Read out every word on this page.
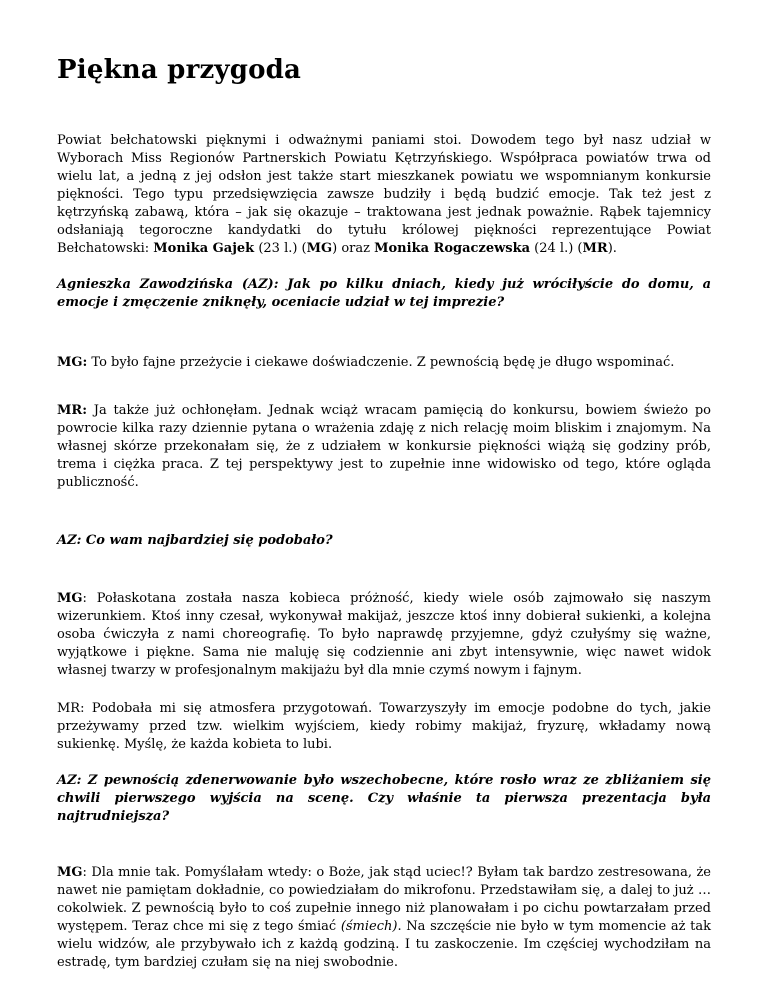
Piękna przygoda

Powiat bełchatowski pięknymi i odważnymi paniami stoi. Dowodem tego był nasz udział w Wyborach Miss Regionów Partnerskich Powiatu Kętrzyńskiego. Współpraca powiatów trwa od wielu lat, a jedną z jej odsłon jest także start mieszkanek powiatu we wspomnianym konkursie piękności. Tego typu przedsięwzięcia zawsze budziły i będą budzić emocje. Tak też jest z kętrzyńską zabawą, która – jak się okazuje – traktowana jest jednak poważnie. Rąbek tajemnicy odsłaniają tegoroczne kandydatki do tytułu królowej piękności reprezentujące Powiat Bełchatowski: Monika Gajek (23 l.) (MG) oraz Monika Rogaczewska (24 l.) (MR).

Agnieszka Zawodzińska (AZ): Jak po kilku dniach, kiedy już wróciłyście do domu, a emocje i zmęczenie zniknęły, oceniacie udział w tej imprezie?

MG: To było fajne przeżycie i ciekawe doświadczenie. Z pewnością będę je długo wspominać.

MR: Ja także już ochłonęłam. Jednak wciąż wracam pamięcią do konkursu, bowiem świeżo po powrocie kilka razy dziennie pytana o wrażenia zdaję z nich relację moim bliskim i znajomym. Na własnej skórze przekonałam się, że z udziałem w konkursie piękności wiążą się godziny prób, trema i ciężka praca. Z tej perspektywy jest to zupełnie inne widowisko od tego, które ogląda publiczność.

AZ: Co wam najbardziej się podobało?

MG: Połaskotana została nasza kobieca próżność, kiedy wiele osób zajmowało się naszym wizerunkiem. Ktoś inny czesał, wykonywał makijaż, jeszcze ktoś inny dobierał sukienki, a kolejna osoba ćwiczyła z nami choreografię. To było naprawdę przyjemne, gdyż czułyśmy się ważne, wyjątkowe i piękne. Sama nie maluję się codziennie ani zbyt intensywnie, więc nawet widok własnej twarzy w profesjonalnym makijażu był dla mnie czymś nowym i fajnym.

MR: Podobała mi się atmosfera przygotowań. Towarzyszyły im emocje podobne do tych, jakie przeżywamy przed tzw. wielkim wyjściem, kiedy robimy makijaż, fryzurę, wkładamy nową sukienkę. Myślę, że każda kobieta to lubi.

AZ: Z pewnością zdenerwowanie było wszechobecne, które rosło wraz ze zbliżaniem się chwili pierwszego wyjścia na scenę. Czy właśnie ta pierwsza prezentacja była najtrudniejsza?

MG: Dla mnie tak. Pomyślałam wtedy: o Boże, jak stąd uciec!? Byłam tak bardzo zestresowana, że nawet nie pamiętam dokładnie, co powiedziałam do mikrofonu. Przedstawiłam się, a dalej to już … cokolwiek. Z pewnością było to coś zupełnie innego niż planowałam i po cichu powtarzałam przed występem. Teraz chce mi się z tego śmiać (śmiech). Na szczęście nie było w tym momencie aż tak wielu widzów, ale przybywało ich z każdą godziną. I tu zaskoczenie. Im częściej wychodziłam na estradę, tym bardziej czułam się na niej swobodnie.
